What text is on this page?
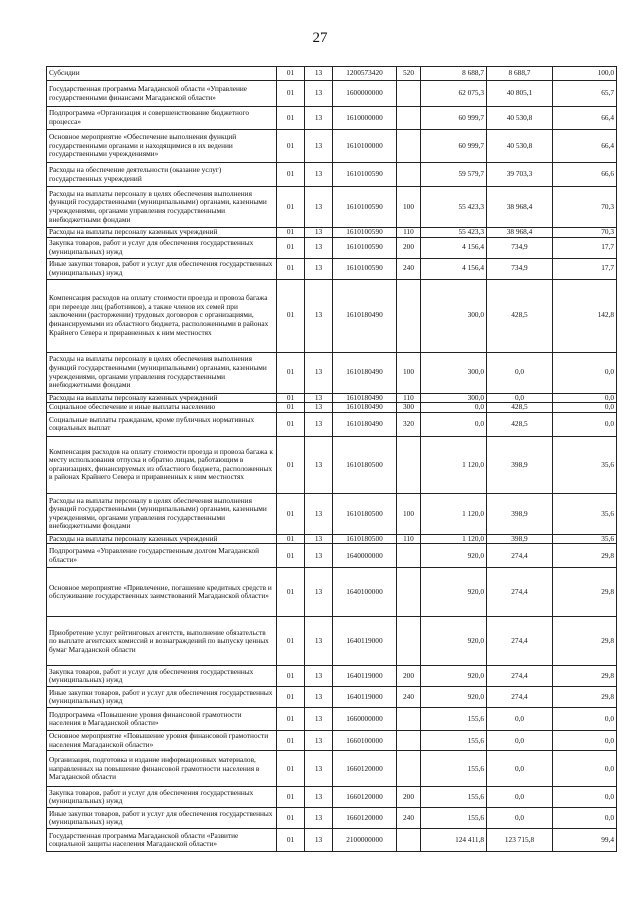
27
Субсидии	01	13	1200573420	520	8 688,7	8 688,7	100,0
Государственная программа Магаданской области «Управление государственными финансами Магаданской области»	01	13	1600000000		62 075,3	40 805,1	65,7
Подпрограмма «Организация и совершенствование бюджетного процесса»	01	13	1610000000		60 999,7	40 530,8	66,4
Основное мероприятие «Обеспечение выполнения функций государственными органами и находящимися в их ведении государственными учреждениями»	01	13	1610100000		60 999,7	40 530,8	66,4
Расходы на обеспечение деятельности (оказание услуг) государственных учреждений	01	13	1610100590		59 579,7	39 703,3	66,6
Расходы на выплаты персоналу в целях обеспечения выполнения функций государственными (муниципальными) органами, казенными учреждениями, органами управления государственными внебюджетными фондами	01	13	1610100590	100	55 423,3	38 968,4	70,3
Расходы на выплаты персоналу казенных учреждений	01	13	1610100590	110	55 423,3	38 968,4	70,3
Закупка товаров, работ и услуг для обеспечения государственных (муниципальных) нужд	01	13	1610100590	200	4 156,4	734,9	17,7
Иные закупки товаров, работ и услуг для обеспечения государственных (муниципальных) нужд	01	13	1610100590	240	4 156,4	734,9	17,7
Компенсация расходов на оплату стоимости проезда и провоза багажа при переезде лиц (работников), а также членов их семей при заключении (расторжении) трудовых договоров с организациями, финансируемыми из областного бюджета, расположенными в районах Крайнего Севера и приравненных к ним местностях	01	13	1610180490		300,0	428,5	142,8
Расходы на выплаты персоналу в целях обеспечения выполнения функций государственными (муниципальными) органами, казенными учреждениями, органами управления государственными внебюджетными фондами	01	13	1610180490	100	300,0	0,0	0,0
Расходы на выплаты персоналу казенных учреждений	01	13	1610180490	110	300,0	0,0	0,0
Социальное обеспечение и иные выплаты населению	01	13	1610180490	300	0,0	428,5	0,0
Социальные выплаты гражданам, кроме публичных нормативных социальных выплат	01	13	1610180490	320	0,0	428,5	0,0
Компенсация расходов на оплату стоимости проезда и провоза багажа к месту использования отпуска и обратно лицам, работающим в организациях, финансируемых из областного бюджета, расположенных в районах Крайнего Севера и приравненных к ним местностях	01	13	1610180500		1 120,0	398,9	35,6
Расходы на выплаты персоналу в целях обеспечения выполнения функций государственными (муниципальными) органами, казенными учреждениями, органами управления государственными внебюджетными фондами	01	13	1610180500	100	1 120,0	398,9	35,6
Расходы на выплаты персоналу казенных учреждений	01	13	1610180500	110	1 120,0	398,9	35,6
Подпрограмма «Управление государственным долгом Магаданской области»	01	13	1640000000		920,0	274,4	29,8
Основное мероприятие «Привлечение, погашение кредитных средств и обслуживание государственных заимствований Магаданской области»	01	13	1640100000		920,0	274,4	29,8
Приобретение услуг рейтинговых агентств, выполнение обязательств по выплате агентских комиссий и вознаграждений по выпуску ценных бумаг Магаданской области	01	13	1640119000		920,0	274,4	29,8
Закупка товаров, работ и услуг для обеспечения государственных (муниципальных) нужд	01	13	1640119000	200	920,0	274,4	29,8
Иные закупки товаров, работ и услуг для обеспечения государственных (муниципальных) нужд	01	13	1640119000	240	920,0	274,4	29,8
Подпрограмма «Повышение уровня финансовой грамотности населения в Магаданской области»	01	13	1660000000		155,6	0,0	0,0
Основное мероприятие «Повышение уровня финансовой грамотности населения Магаданской области»	01	13	1660100000		155,6	0,0	0,0
Организация, подготовка и издание информационных материалов, направленных на повышение финансовой грамотности населения в Магаданской области	01	13	1660120000		155,6	0,0	0,0
Закупка товаров, работ и услуг для обеспечения государственных (муниципальных) нужд	01	13	1660120000	200	155,6	0,0	0,0
Иные закупки товаров, работ и услуг для обеспечения государственных (муниципальных) нужд	01	13	1660120000	240	155,6	0,0	0,0
Государственная программа Магаданской области «Развитие социальной защиты населения Магаданской области»	01	13	2100000000		124 411,8	123 715,8	99,4
